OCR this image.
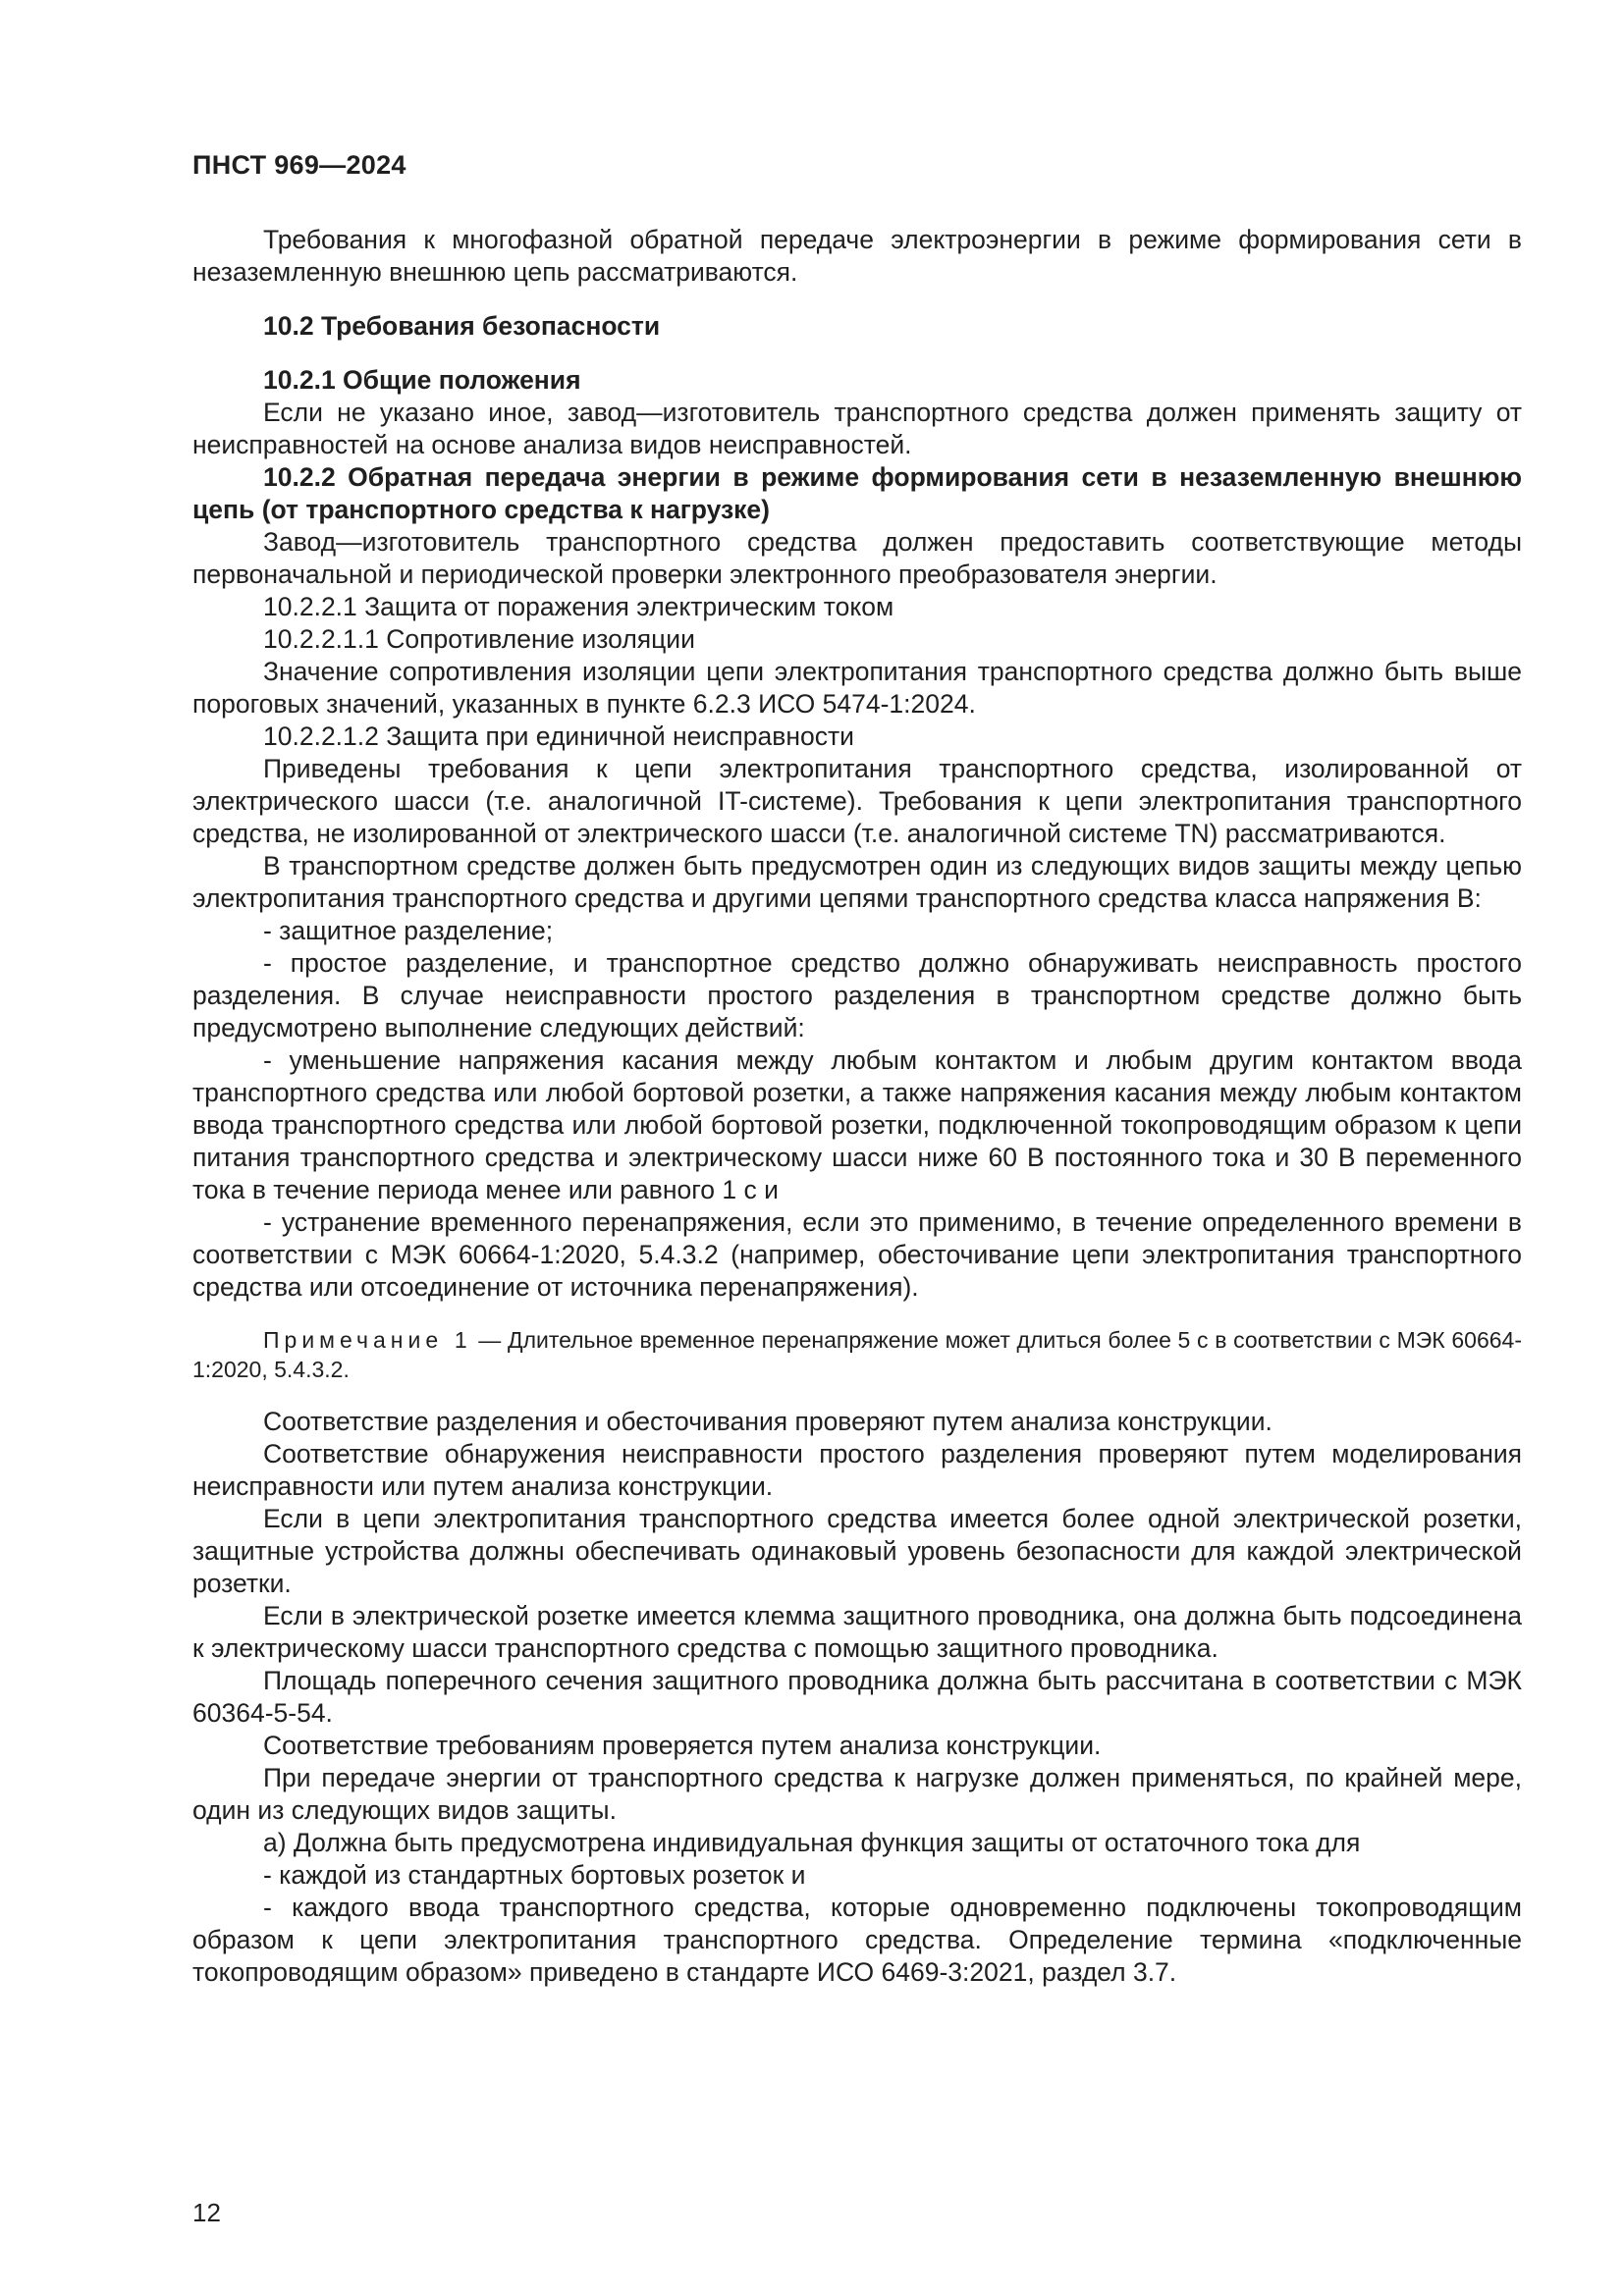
ПНСТ 969—2024

Требования к многофазной обратной передаче электроэнергии в режиме формирования сети в незаземленную внешнюю цепь рассматриваются.

10.2 Требования безопасности

10.2.1 Общие положения

Если не указано иное, завод—изготовитель транспортного средства должен применять защиту от неисправностей на основе анализа видов неисправностей.

10.2.2 Обратная передача энергии в режиме формирования сети в незаземленную внешнюю цепь (от транспортного средства к нагрузке)

Завод—изготовитель транспортного средства должен предоставить соответствующие методы первоначальной и периодической проверки электронного преобразователя энергии.

10.2.2.1 Защита от поражения электрическим током

10.2.2.1.1 Сопротивление изоляции

Значение сопротивления изоляции цепи электропитания транспортного средства должно быть выше пороговых значений, указанных в пункте 6.2.3 ИСО 5474-1:2024.

10.2.2.1.2 Защита при единичной неисправности

Приведены требования к цепи электропитания транспортного средства, изолированной от электрического шасси (т.е. аналогичной IT-системе). Требования к цепи электропитания транспортного средства, не изолированной от электрического шасси (т.е. аналогичной системе TN) рассматриваются.

В транспортном средстве должен быть предусмотрен один из следующих видов защиты между цепью электропитания транспортного средства и другими цепями транспортного средства класса напряжения B:

- защитное разделение;

- простое разделение, и транспортное средство должно обнаруживать неисправность простого разделения. В случае неисправности простого разделения в транспортном средстве должно быть предусмотрено выполнение следующих действий:

- уменьшение напряжения касания между любым контактом и любым другим контактом ввода транспортного средства или любой бортовой розетки, а также напряжения касания между любым контактом ввода транспортного средства или любой бортовой розетки, подключенной токопроводящим образом к цепи питания транспортного средства и электрическому шасси ниже 60 В постоянного тока и 30 В переменного тока в течение периода менее или равного 1 с и

- устранение временного перенапряжения, если это применимо, в течение определенного времени в соответствии с МЭК 60664-1:2020, 5.4.3.2 (например, обесточивание цепи электропитания транспортного средства или отсоединение от источника перенапряжения).

Примечание 1 — Длительное временное перенапряжение может длиться более 5 с в соответствии с МЭК 60664-1:2020, 5.4.3.2.

Соответствие разделения и обесточивания проверяют путем анализа конструкции.

Соответствие обнаружения неисправности простого разделения проверяют путем моделирования неисправности или путем анализа конструкции.

Если в цепи электропитания транспортного средства имеется более одной электрической розетки, защитные устройства должны обеспечивать одинаковый уровень безопасности для каждой электрической розетки.

Если в электрической розетке имеется клемма защитного проводника, она должна быть подсоединена к электрическому шасси транспортного средства с помощью защитного проводника.

Площадь поперечного сечения защитного проводника должна быть рассчитана в соответствии с МЭК 60364-5-54.

Соответствие требованиям проверяется путем анализа конструкции.

При передаче энергии от транспортного средства к нагрузке должен применяться, по крайней мере, один из следующих видов защиты.

а) Должна быть предусмотрена индивидуальная функция защиты от остаточного тока для

- каждой из стандартных бортовых розеток и

- каждого ввода транспортного средства, которые одновременно подключены токопроводящим образом к цепи электропитания транспортного средства. Определение термина «подключенные токопроводящим образом» приведено в стандарте ИСО 6469-3:2021, раздел 3.7.

12
